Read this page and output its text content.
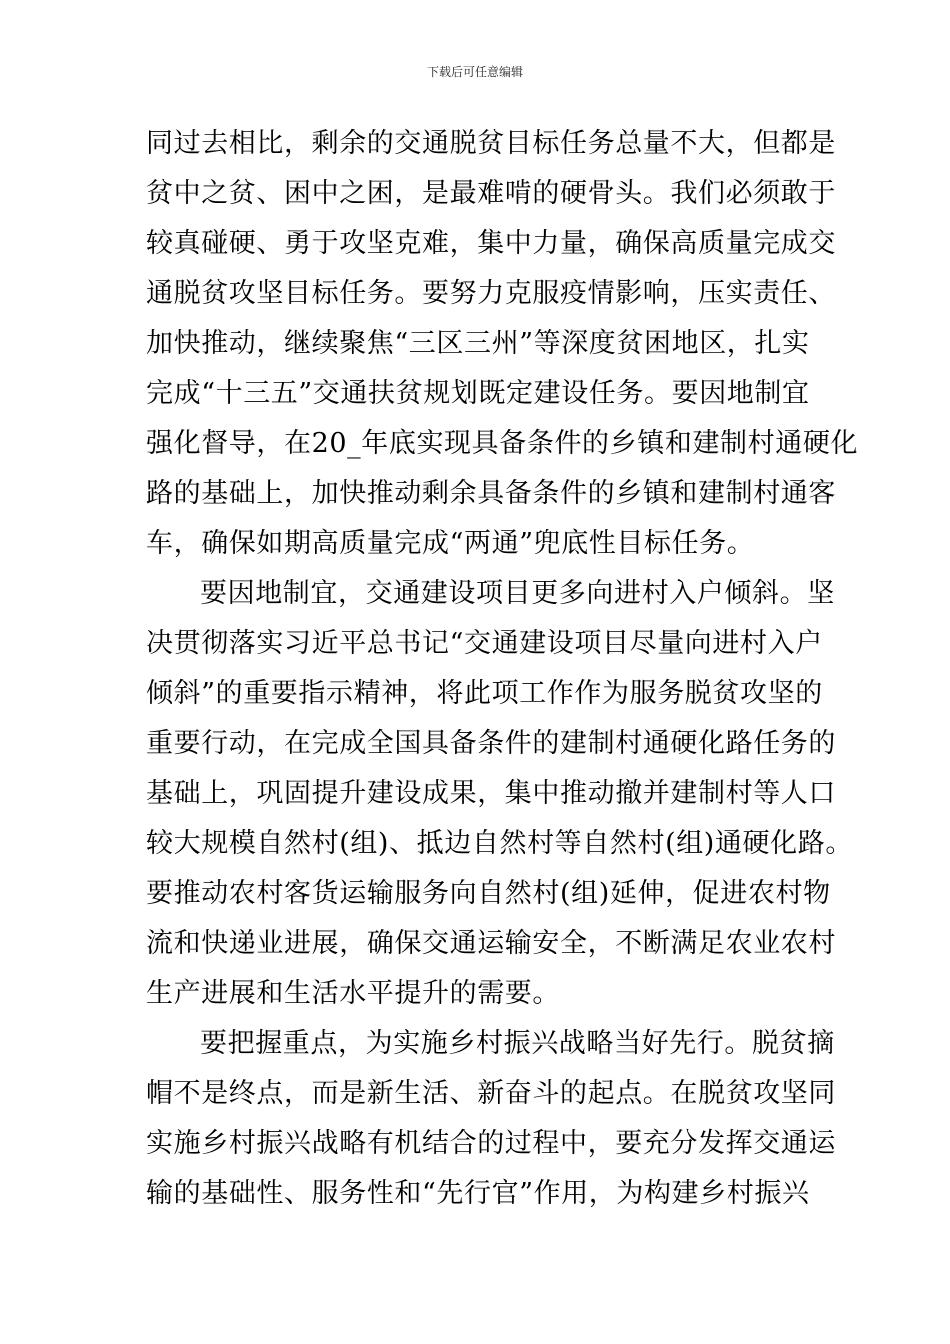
下载后可任意编辑
同过去相比，剩余的交通脱贫目标任务总量不大，但都是
贫中之贫、困中之困，是最难啃的硬骨头。我们必须敢于
较真碰硬、勇于攻坚克难，集中力量，确保高质量完成交
通脱贫攻坚目标任务。要努力克服疫情影响，压实责任、
加快推动，继续聚焦“三区三州”等深度贫困地区，扎实
完成“十三五”交通扶贫规划既定建设任务。要因地制宜
强化督导，在20_年底实现具备条件的乡镇和建制村通硬化
路的基础上，加快推动剩余具备条件的乡镇和建制村通客
车，确保如期高质量完成“两通”兜底性目标任务。
要因地制宜，交通建设项目更多向进村入户倾斜。坚
决贯彻落实习近平总书记“交通建设项目尽量向进村入户
倾斜”的重要指示精神，将此项工作作为服务脱贫攻坚的
重要行动，在完成全国具备条件的建制村通硬化路任务的
基础上，巩固提升建设成果，集中推动撤并建制村等人口
较大规模自然村(组)、抵边自然村等自然村(组)通硬化路。
要推动农村客货运输服务向自然村(组)延伸，促进农村物
流和快递业进展，确保交通运输安全，不断满足农业农村
生产进展和生活水平提升的需要。
要把握重点，为实施乡村振兴战略当好先行。脱贫摘
帽不是终点，而是新生活、新奋斗的起点。在脱贫攻坚同
实施乡村振兴战略有机结合的过程中，要充分发挥交通运
输的基础性、服务性和“先行官”作用，为构建乡村振兴
